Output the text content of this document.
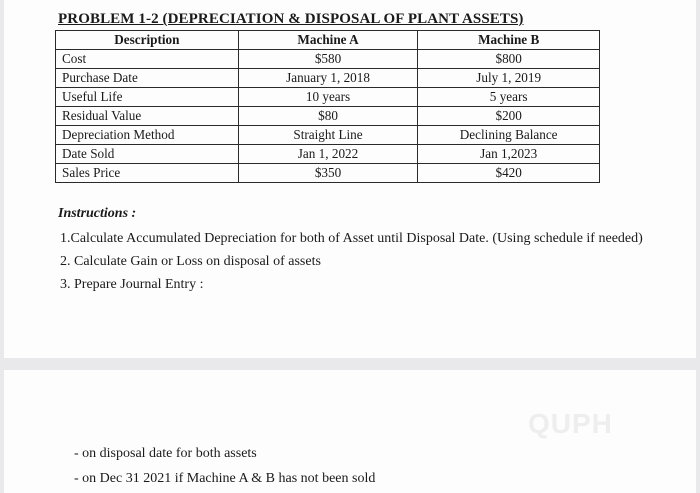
PROBLEM 1-2 (DEPRECIATION & DISPOSAL OF PLANT ASSETS)
Description	Machine A	Machine B
Cost	$580	$800
Purchase Date	January 1, 2018	July 1, 2019
Useful Life	10 years	5 years
Residual Value	$80	$200
Depreciation Method	Straight Line	Declining Balance
Date Sold	Jan 1, 2022	Jan 1,2023
Sales Price	$350	$420
Instructions :
1.Calculate Accumulated Depreciation for both of Asset until Disposal Date. (Using schedule if needed)
2. Calculate Gain or Loss on disposal of assets
3. Prepare Journal Entry :
QUPH
- on disposal date for both assets
- on Dec 31 2021 if Machine A & B has not been sold
